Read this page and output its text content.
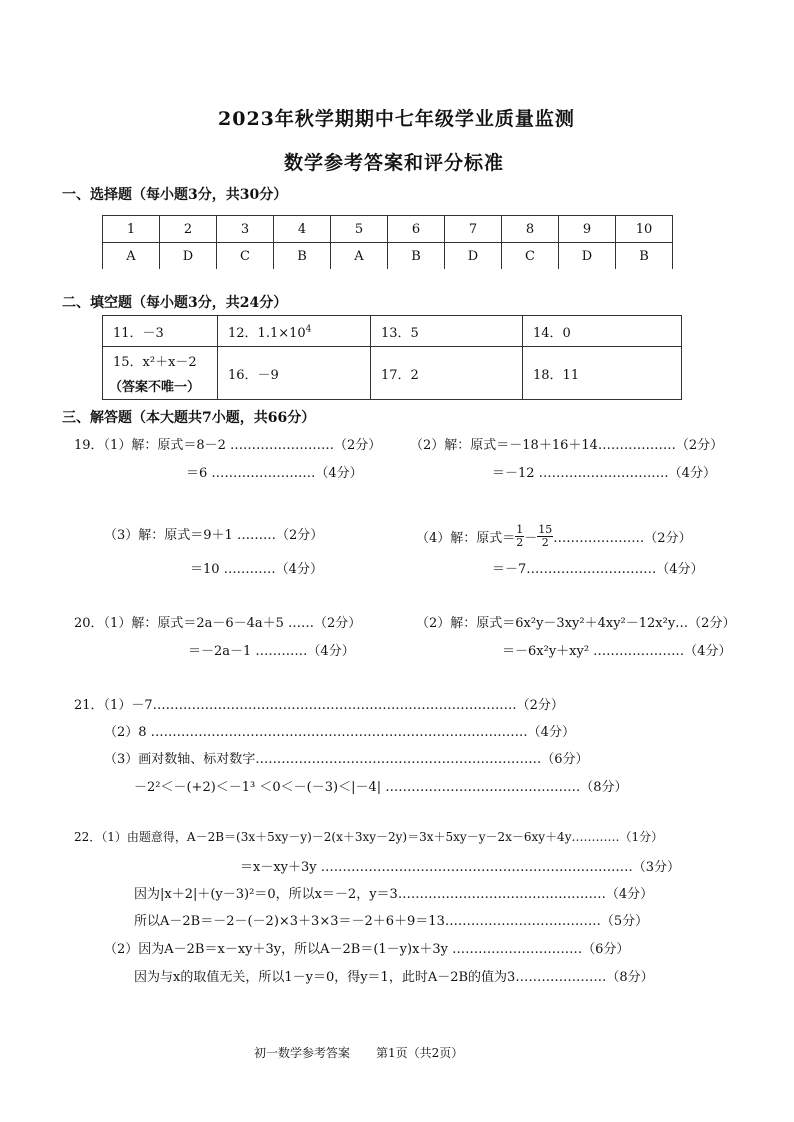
2023年秋学期期中七年级学业质量监测
数学参考答案和评分标准
一、选择题（每小题3分，共30分）
1	2	3	4	5	6	7	8	9	10
A	D	C	B	A	B	D	C	D	B
二、填空题（每小题3分，共24分）
11．－3	12．$1.1\times 10^4$	13．5	14．0

15．x²＋x－2
（答案不唯一）	16．－9	17．2	18．11
三、解答题（本大题共7小题，共66分）
19．（1）解：原式＝8－2 ……………………（2分）
＝6 ……………………（4分）
（2）解：原式＝－18＋16＋14………………（2分）
＝－12 …………………………（4分）
（3）解：原式＝9＋1 ………（2分）
＝10 …………（4分）
（4）解：原式＝ $\frac{1}{2} - \frac{15}{2}$ …………………（2分）
＝－7…………………………（4分）
20．（1）解：原式＝2a－6－4a＋5 ……（2分）
＝－2a－1 …………（4分）
（2）解：原式＝6x²y－3xy²＋4xy²－12x²y…（2分）
＝－6x²y＋xy² …………………（4分）
21．（1）－7…………………………………………………………………………（2分）
（2）8 ……………………………………………………………………………（4分）
（3）画对数轴、标对数字…………………………………………………………（6分）
－2²＜－(+2)＜－1³ ＜0＜－(－3)＜|－4| ………………………………………（8分）
22．（1）由题意得，A－2B＝(3x＋5xy－y)－2(x＋3xy－2y)＝3x＋5xy－y－2x－6xy＋4y…………（1分）
＝x－xy＋3y ………………………………………………………………（3分）
因为|x＋2|＋(y－3)²＝0，所以x＝－2，y＝3…………………………………………（4分）
所以A－2B＝－2－(－2)×3＋3×3＝－2＋6＋9＝13………………………………（5分）
（2）因为A－2B＝x－xy＋3y，所以A－2B＝(1－y)x＋3y …………………………（6分）
因为与x的取值无关，所以1－y＝0，得y＝1，此时A－2B的值为3…………………（8分）
初一数学参考答案 第1页（共2页）
